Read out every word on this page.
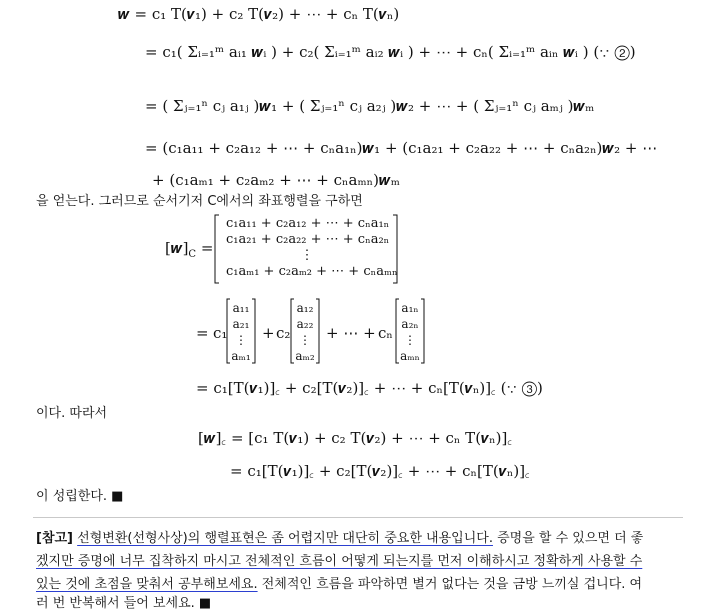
𝒘 = c₁ T(𝒗₁) + c₂ T(𝒗₂) + ⋯ + cₙ T(𝒗ₙ)
= c₁( Σᵢ₌₁ᵐ aᵢ₁ 𝒘ᵢ ) + c₂( Σᵢ₌₁ᵐ aᵢ₂ 𝒘ᵢ ) + ⋯ + cₙ( Σᵢ₌₁ᵐ aᵢₙ 𝒘ᵢ ) (∵ ②)
= ( Σⱼ₌₁ⁿ cⱼ a₁ⱼ )𝒘₁ + ( Σⱼ₌₁ⁿ cⱼ a₂ⱼ )𝒘₂ + ⋯ + ( Σⱼ₌₁ⁿ cⱼ aₘⱼ )𝒘ₘ
= (c₁a₁₁ + c₂a₁₂ + ⋯ + cₙa₁ₙ)𝒘₁ + (c₁a₂₁ + c₂a₂₂ + ⋯ + cₙa₂ₙ)𝒘₂ + ⋯
+ (c₁aₘ₁ + c₂aₘ₂ + ⋯ + cₙaₘₙ)𝒘ₘ
을 얻는다. 그러므로 순서기저 C에서의 좌표행렬을 구하면
$[𝒘]_C$ =
c₁a₁₁ + c₂a₁₂ + ⋯ + cₙa₁ₙ
c₁a₂₁ + c₂a₂₂ + ⋯ + cₙa₂ₙ
⋮
c₁aₘ₁ + c₂aₘ₂ + ⋯ + cₙaₘₙ
= c₁
a₁₁
a₂₁
⋮
aₘ₁
+ c₂
a₁₂
a₂₂
⋮
aₘ₂
+ ⋯ + cₙ
a₁ₙ
a₂ₙ
⋮
aₘₙ
= c₁[T(𝒗₁)]꜀ + c₂[T(𝒗₂)]꜀ + ⋯ + cₙ[T(𝒗ₙ)]꜀ (∵ ③)
이다. 따라서
[𝒘]꜀ = [c₁ T(𝒗₁) + c₂ T(𝒗₂) + ⋯ + cₙ T(𝒗ₙ)]꜀
= c₁[T(𝒗₁)]꜀ + c₂[T(𝒗₂)]꜀ + ⋯ + cₙ[T(𝒗ₙ)]꜀
이 성립한다. ■
[참고] 선형변환(선형사상)의 행렬표현은 좀 어렵지만 대단히 중요한 내용입니다. 증명을 할 수 있으면 더 좋
겠지만 증명에 너무 집착하지 마시고 전체적인 흐름이 어떻게 되는지를 먼저 이해하시고 정확하게 사용할 수
있는 것에 초점을 맞춰서 공부해보세요. 전체적인 흐름을 파악하면 별거 없다는 것을 금방 느끼실 겁니다. 여
러 번 반복해서 들어 보세요. ■
